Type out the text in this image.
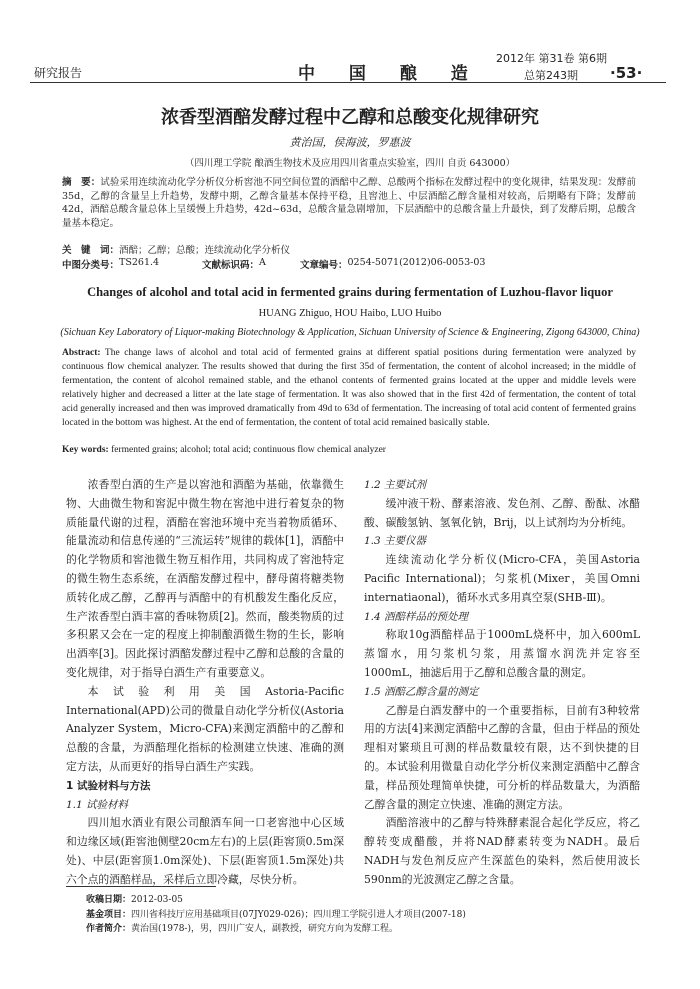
研究报告	中 国 酿 造
2012年 第31卷 第6期
总第243期 ·53·
浓香型酒醅发酵过程中乙醇和总酸变化规律研究
黄治国，侯海波，罗惠波
（四川理工学院 酿酒生物技术及应用四川省重点实验室，四川 自贡 643000）
摘　要：试验采用连续流动化学分析仪分析窖池不同空间位置的酒醅中乙醇、总酸两个指标在发酵过程中的变化规律，结果发现：发酵前35d，乙醇的含量呈上升趋势，发酵中期，乙醇含量基本保持平稳，且窖池上、中层酒醅乙醇含量相对较高，后期略有下降；发酵前42d，酒醅总酸含量总体上呈缓慢上升趋势，42d~63d，总酸含量急剧增加，下层酒醅中的总酸含量上升最快，到了发酵后期，总酸含量基本稳定。
关　键　词：酒醅；乙醇；总酸；连续流动化学分析仪
中图分类号： TS261.4	文献标识码： A	文章编号： 0254-5071(2012)06-0053-03
Changes of alcohol and total acid in fermented grains during fermentation of Luzhou-flavor liquor
HUANG Zhiguo, HOU Haibo, LUO Huibo
(Sichuan Key Laboratory of Liquor-making Biotechnology & Application, Sichuan University of Science & Engineering, Zigong 643000, China)
Abstract: The change laws of alcohol and total acid of fermented grains at different spatial positions during fermentation were analyzed by continuous flow chemical analyzer. The results showed that during the first 35d of fermentation, the content of alcohol increased; in the middle of fermentation, the content of alcohol remained stable, and the ethanol contents of fermented grains located at the upper and middle levels were relatively higher and decreased a litter at the late stage of fermentation. It was also showed that in the first 42d of fermentation, the content of total acid generally increased and then was improved dramatically from 49d to 63d of fermentation. The increasing of total acid content of fermented grains located in the bottom was highest. At the end of fermentation, the content of total acid remained basically stable.
Key words: fermented grains; alcohol; total acid; continuous flow chemical analyzer

浓香型白酒的生产是以窖池和酒醅为基础，依靠微生物、大曲微生物和窖泥中微生物在窖池中进行着复杂的物质能量代谢的过程，酒醅在窖池环境中充当着物质循环、能量流动和信息传递的“三流运转”规律的载体[1]，酒醅中的化学物质和窖池微生物互相作用，共同构成了窖池特定的微生物生态系统，在酒醅发酵过程中，酵母菌将糖类物质转化成乙醇，乙醇再与酒醅中的有机酸发生酯化反应，生产浓香型白酒丰富的香味物质[2]。然而，酸类物质的过多积累又会在一定的程度上抑制酿酒微生物的生长，影响出酒率[3]。因此探讨酒醅发酵过程中乙醇和总酸的含量的变化规律，对于指导白酒生产有重要意义。

本试验利用美国Astoria-Pacific International(APD)公司的微量自动化学分析仪(Astoria Analyzer System，Micro-CFA)来测定酒醅中的乙醇和总酸的含量，为酒醅理化指标的检测建立快速、准确的测定方法，从而更好的指导白酒生产实践。

1 试验材料与方法

1.1 试验材料

四川旭水酒业有限公司酿酒车间一口老窖池中心区域和边缘区域(距窖池侧壁20cm左右)的上层(距窖顶0.5m深处)、中层(距窖顶1.0m深处)、下层(距窖顶1.5m深处)共六个点的酒醅样品，采样后立即冷藏，尽快分析。

1.2 主要试剂

缓冲液干粉、酵素溶液、发色剂、乙醇、酚酞、冰醋酸、碳酸氢钠、氢氧化钠，Brij，以上试剂均为分析纯。

1.3 主要仪器

连续流动化学分析仪(Micro-CFA，美国Astoria Pacific International)；匀浆机(Mixer，美国Omni internatiaonal)，循环水式多用真空泵(SHB-Ⅲ)。

1.4 酒醅样品的预处理

称取10g酒醅样品于1000mL烧杯中，加入600mL蒸馏水，用匀浆机匀浆，用蒸馏水润洗并定容至1000mL，抽滤后用于乙醇和总酸含量的测定。

1.5 酒醅乙醇含量的测定

乙醇是白酒发酵中的一个重要指标，目前有3种较常用的方法[4]来测定酒醅中乙醇的含量，但由于样品的预处理相对繁琐且可测的样品数量较有限，达不到快捷的目的。本试验利用微量自动化学分析仪来测定酒醅中乙醇含量，样品预处理简单快捷，可分析的样品数量大，为酒醅乙醇含量的测定立快速、准确的测定方法。

酒醅溶液中的乙醇与特殊酵素混合起化学反应，将乙醇转变成醋酸，并将NAD酵素转变为NADH。最后NADH与发色剂反应产生深蓝色的染料，然后使用波长590nm的光波测定乙醇之含量。

收稿日期：2012-03-05
基金项目：四川省科技厅应用基础项目(07JY029-026)；四川理工学院引进人才项目(2007-18)
作者简介：黄治国(1978-)，男，四川广安人，副教授，研究方向为发酵工程。
